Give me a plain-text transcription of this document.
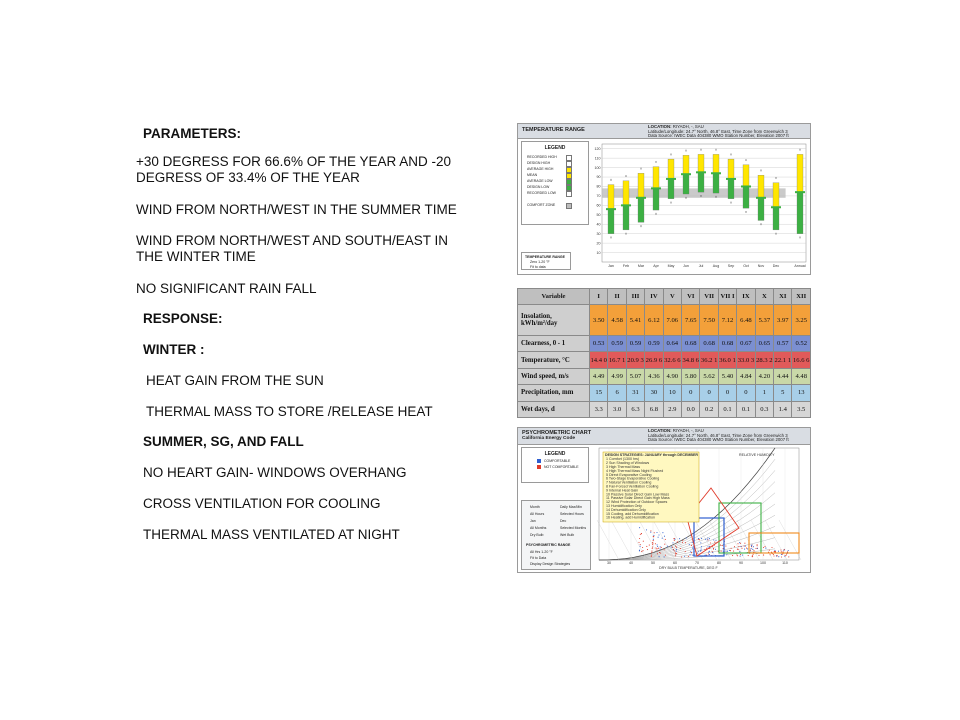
PARAMETERS:
+30 DEGRESS FOR 66.6% OF THE YEAR AND -20
DEGRESS OF 33.4% OF THE YEAR
WIND FROM NORTH/WEST IN THE SUMMER TIME
WIND FROM NORTH/WEST AND SOUTH/EAST IN
THE WINTER TIME
NO SIGNIFICANT RAIN FALL
RESPONSE:
WINTER :
HEAT GAIN FROM THE SUN
THERMAL MASS TO STORE /RELEASE HEAT
SUMMER, SG, AND FALL
NO HEART GAIN- WINDOWS OVERHANG
CROSS VENTILATION FOR COOLING
THERMAL MASS VENTILATED AT NIGHT
TEMPERATURE RANGE
LOCATION: RIYADH, -, SAU
Latitude/Longitude: 24.7° North, 46.8° East, Time Zone from Greenwich 3
Data Source: IWEC Data 404380 WMO Station Number, Elevation 2007 ft
LEGEND
RECORDED HIGH
DESIGN HIGH
AVERAGE HIGH
MEAN
AVERAGE LOW
DESIGN LOW
RECORDED LOW
COMFORT ZONE
TEMPERATURE RANGE
Zero 1-20 °F
Fit to data
10
20
30
40
50
60
70
80
90
100
110
120
Jan	Feb Mar	Apr May Jun	Jul	Aug Sep	Oct	Nov Dec	Annual
Variable	I	II	III	IV	V	VI	VII	VII I	IX	X	XI	XII
Insolation, kWh/m²/day	3.50	4.58	5.41	6.12	7.06	7.65	7.50	7.12	6.48	5.37	3.97	3.25
Clearness, 0 - 1	0.53	0.59	0.59	0.59	0.64	0.68	0.68	0.68	0.67	0.65	0.57	0.52
Temperature, °C	14.4 0	16.7 1	20.9 3	26.9 6	32.6 6	34.8 6	36.2 1	36.0 1	33.0 3	28.3 2	22.1 1	16.6 6
Wind speed, m/s	4.49	4.99	5.07	4.36	4.90	5.80	5.62	5.40	4.84	4.20	4.44	4.48
Precipitation, mm	15	6	31	30	10	0	0	0	0	1	5	13
Wet days, d	3.3	3.0	6.3	6.8	2.9	0.0	0.2	0.1	0.1	0.3	1.4	3.5
PSYCHROMETRIC CHART
California Energy Code
LOCATION: RIYADH, -, SAU
Latitude/Longitude: 24.7° North, 46.8° East, Time Zone from Greenwich 3
Data Source: IWEC Data 404380 WMO Station Number, Elevation 2007 ft
LEGEND
COMFORTABLE
NOT COMFORTABLE
Month	Daily Max/Min
All Hours	Selected Hours
Jan	Dec
All Months	Selected Months
Dry Bulb	Wet Bulb
PSYCHROMETRIC RANGE
All Hrs 1-20 °F
Fit to Data
Display Design Strategies	30	40	50	60	70	80	90	100	110
DRY BULB TEMPERATURE, DEG F
RELATIVE HUMIDITY
DESIGN STRATEGIES: JANUARY through DECEMBER
1 Comfort (1300 hrs)
2 Sun Shading of Windows
3 High Thermal Mass
4 High Thermal Mass Night Flushed
5 Direct Evaporative Cooling
6 Two-Stage Evaporative Cooling
7 Natural Ventilation Cooling
8 Fan-Forced Ventilation Cooling
9 Internal Heat Gain
10 Passive Solar Direct Gain Low Mass
11 Passive Solar Direct Gain High Mass
12 Wind Protection of Outdoor Spaces
13 Humidification Only
14 Dehumidification Only
15 Cooling, add Dehumidification
16 Heating, add Humidification
